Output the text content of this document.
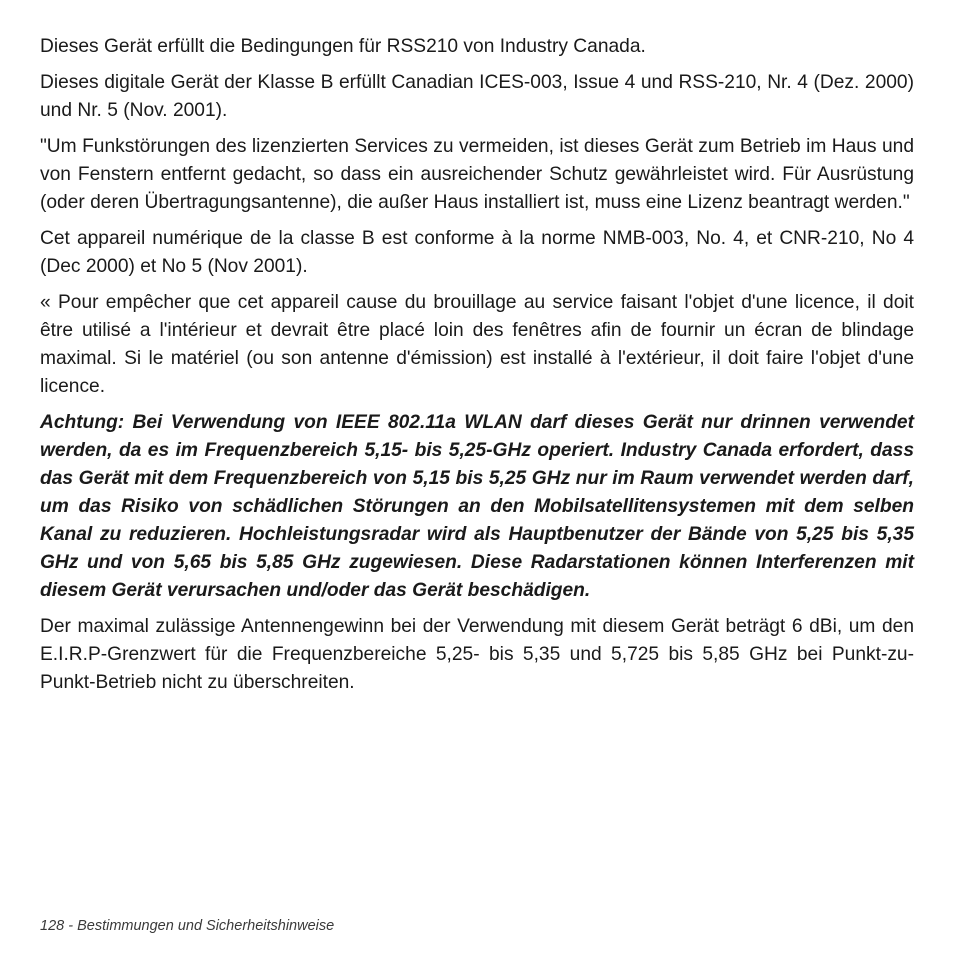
Dieses Gerät erfüllt die Bedingungen für RSS210 von Industry Canada.

Dieses digitale Gerät der Klasse B erfüllt Canadian ICES-003, Issue 4 und RSS-210, Nr. 4 (Dez. 2000) und Nr. 5 (Nov. 2001).

"Um Funkstörungen des lizenzierten Services zu vermeiden, ist dieses Gerät zum Betrieb im Haus und von Fenstern entfernt gedacht, so dass ein ausreichender Schutz gewährleistet wird. Für Ausrüstung (oder deren Übertragungsantenne), die außer Haus installiert ist, muss eine Lizenz beantragt werden."

Cet appareil numérique de la classe B est conforme à la norme NMB-003, No. 4, et CNR-210, No 4 (Dec 2000) et No 5 (Nov 2001).

« Pour empêcher que cet appareil cause du brouillage au service faisant l'objet d'une licence, il doit être utilisé a l'intérieur et devrait être placé loin des fenêtres afin de fournir un écran de blindage maximal. Si le matériel (ou son antenne d'émission) est installé à l'extérieur, il doit faire l'objet d'une licence.

Achtung: Bei Verwendung von IEEE 802.11a WLAN darf dieses Gerät nur drinnen verwendet werden, da es im Frequenzbereich 5,15- bis 5,25-GHz operiert. Industry Canada erfordert, dass das Gerät mit dem Frequenzbereich von 5,15 bis 5,25 GHz nur im Raum verwendet werden darf, um das Risiko von schädlichen Störungen an den Mobilsatellitensystemen mit dem selben Kanal zu reduzieren. Hochleistungsradar wird als Hauptbenutzer der Bände von 5,25 bis 5,35 GHz und von 5,65 bis 5,85 GHz zugewiesen. Diese Radarstationen können Interferenzen mit diesem Gerät verursachen und/oder das Gerät beschädigen.

Der maximal zulässige Antennengewinn bei der Verwendung mit diesem Gerät beträgt 6 dBi, um den E.I.R.P-Grenzwert für die Frequenzbereiche 5,25- bis 5,35 und 5,725 bis 5,85 GHz bei Punkt-zu-Punkt-Betrieb nicht zu überschreiten.

128 - Bestimmungen und Sicherheitshinweise
